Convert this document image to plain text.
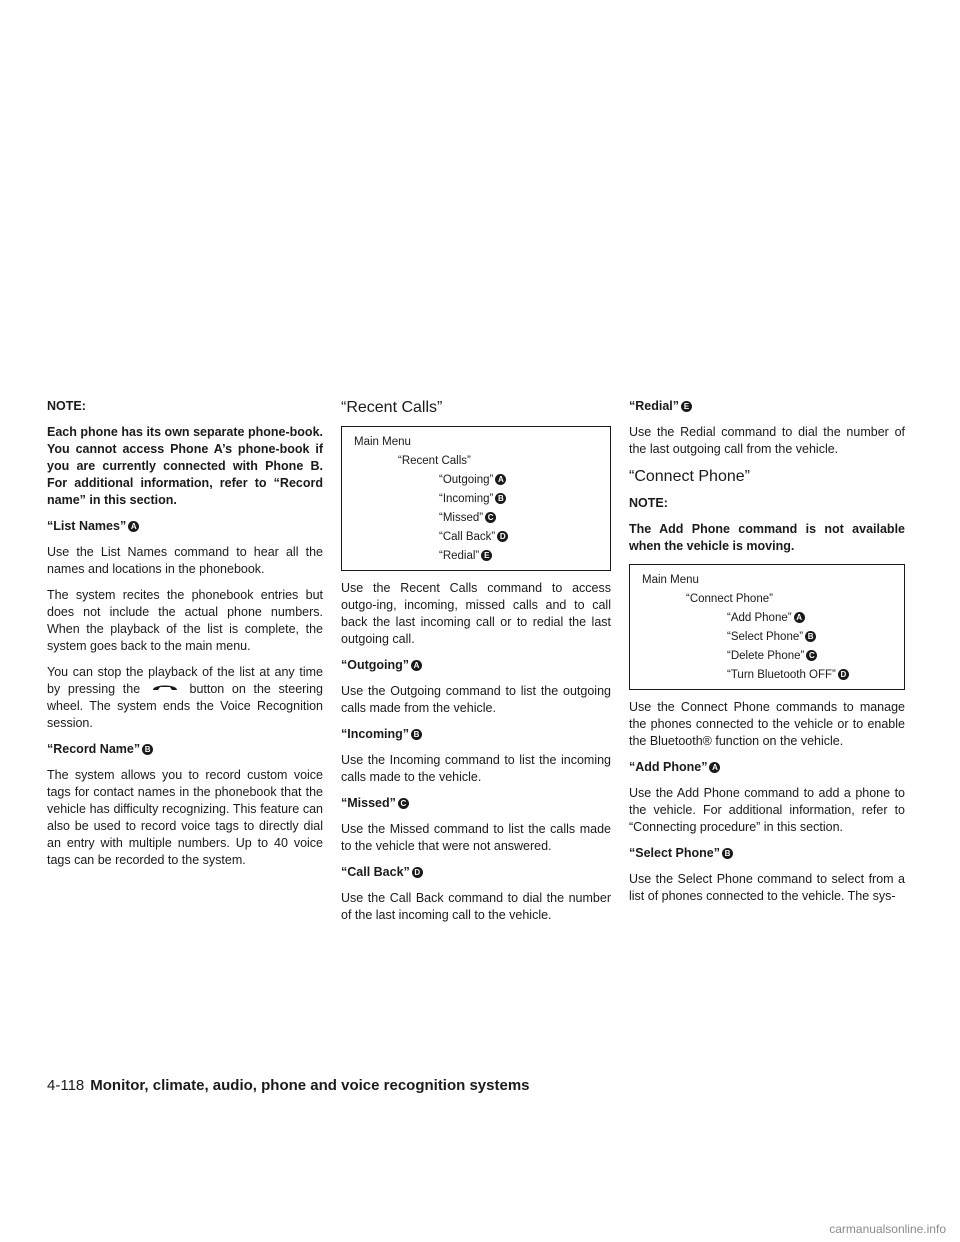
NOTE:

Each phone has its own separate phone-book. You cannot access Phone A’s phone-book if you are currently connected with Phone B. For additional information, refer to “Record name” in this section.

“List Names” A

Use the List Names command to hear all the names and locations in the phonebook.

The system recites the phonebook entries but does not include the actual phone numbers. When the playback of the list is complete, the system goes back to the main menu.

You can stop the playback of the list at any time by pressing the	button on the steering wheel. The system ends the Voice Recognition session.

“Record Name” B

The system allows you to record custom voice tags for contact names in the phonebook that the vehicle has difficulty recognizing. This feature can also be used to record voice tags to directly dial an entry with multiple numbers. Up to 40 voice tags can be recorded to the system.

“Recent Calls”
Main Menu
“Recent Calls”
“Outgoing” A
“Incoming” B
“Missed” C
“Call Back” D
“Redial” E

Use the Recent Calls command to access outgo-ing, incoming, missed calls and to call back the last incoming call or to redial the last outgoing call.

“Outgoing” A

Use the Outgoing command to list the outgoing calls made from the vehicle.

“Incoming” B

Use the Incoming command to list the incoming calls made to the vehicle.

“Missed” C

Use the Missed command to list the calls made to the vehicle that were not answered.

“Call Back” D

Use the Call Back command to dial the number of the last incoming call to the vehicle.

“Redial” E

Use the Redial command to dial the number of the last outgoing call from the vehicle.

“Connect Phone”

NOTE:

The Add Phone command is not available when the vehicle is moving.

Main Menu
“Connect Phone”
“Add Phone” A
“Select Phone” B
“Delete Phone” C
“Turn Bluetooth OFF” D

Use the Connect Phone commands to manage the phones connected to the vehicle or to enable the Bluetooth® function on the vehicle.

“Add Phone” A

Use the Add Phone command to add a phone to the vehicle. For additional information, refer to “Connecting procedure” in this section.

“Select Phone” B

Use the Select Phone command to select from a list of phones connected to the vehicle. The sys-

4-118 Monitor, climate, audio, phone and voice recognition systems
carmanualsonline.info
